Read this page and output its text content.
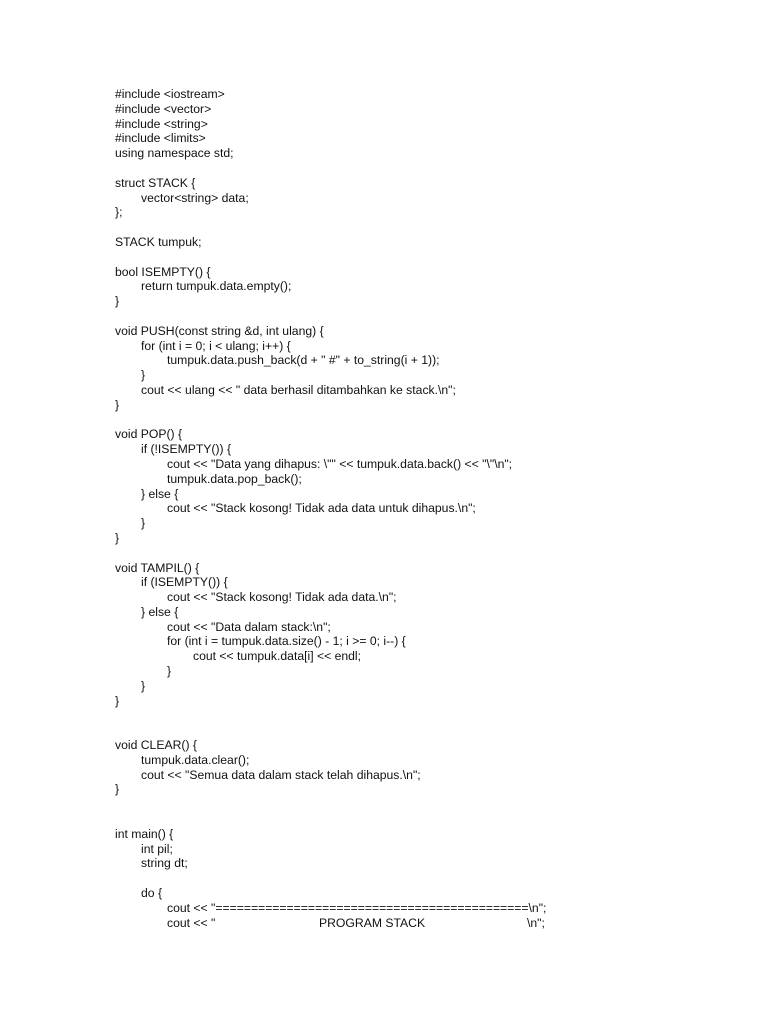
#include <iostream>
#include <vector>
#include <string>
#include <limits>
using namespace std;
struct STACK {
vector<string> data;
};
STACK tumpuk;
bool ISEMPTY() {
return tumpuk.data.empty();
}
void PUSH(const string &d, int ulang) {
for (int i = 0; i < ulang; i++) {
tumpuk.data.push_back(d + " #" + to_string(i + 1));
}
cout << ulang << " data berhasil ditambahkan ke stack.\n";
}
void POP() {
if (!ISEMPTY()) {
cout << "Data yang dihapus: \"" << tumpuk.data.back() << "\"\n";
tumpuk.data.pop_back();
} else {
cout << "Stack kosong! Tidak ada data untuk dihapus.\n";
}
}
void TAMPIL() {
if (ISEMPTY()) {
cout << "Stack kosong! Tidak ada data.\n";
} else {
cout << "Data dalam stack:\n";
for (int i = tumpuk.data.size() - 1; i >= 0; i--) {
cout << tumpuk.data[i] << endl;
}
}
}
void CLEAR() {
tumpuk.data.clear();
cout << "Semua data dalam stack telah dihapus.\n";
}
int main() {
int pil;
string dt;
do {
cout << "============================================\n";
cout << "	PROGRAM STACK	\n";
